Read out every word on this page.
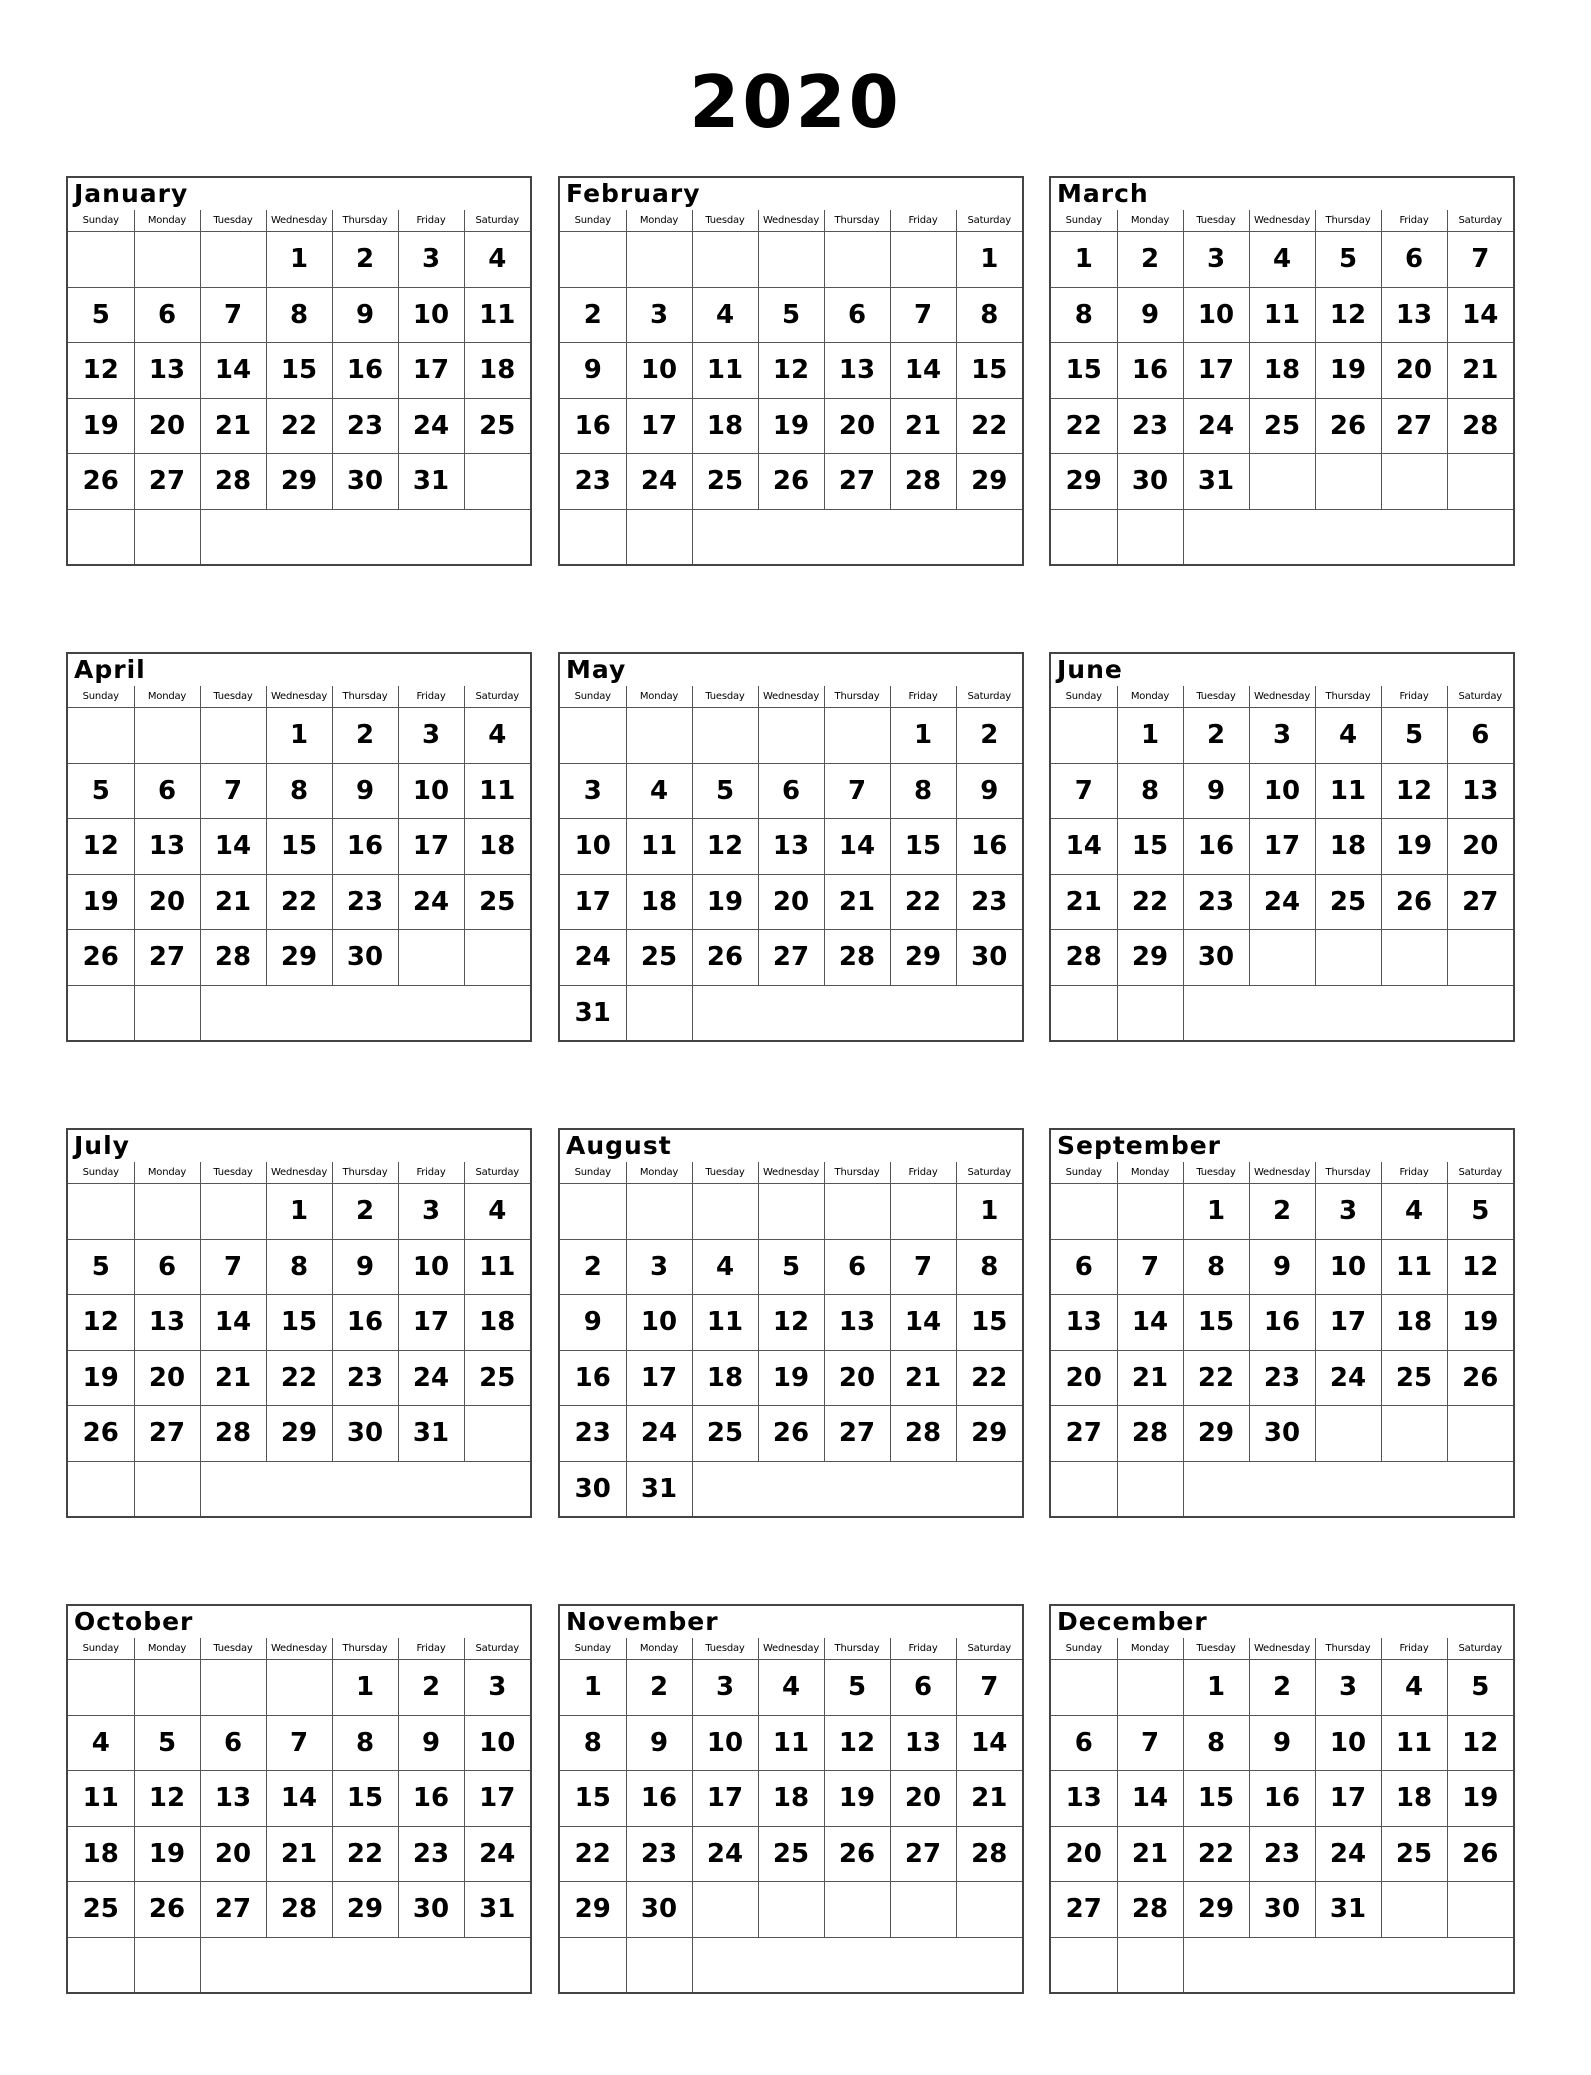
2020
January
Sunday	Monday	Tuesday	Wednesday	Thursday	Friday	Saturday
			1	2	3	4
5	6	7	8	9	10	11
12	13	14	15	16	17	18
19	20	21	22	23	24	25
26	27	28	29	30	31	

February
Sunday	Monday	Tuesday	Wednesday	Thursday	Friday	Saturday
						1
2	3	4	5	6	7	8
9	10	11	12	13	14	15
16	17	18	19	20	21	22
23	24	25	26	27	28	29

March
Sunday	Monday	Tuesday	Wednesday	Thursday	Friday	Saturday
1	2	3	4	5	6	7
8	9	10	11	12	13	14
15	16	17	18	19	20	21
22	23	24	25	26	27	28
29	30	31				

April
Sunday	Monday	Tuesday	Wednesday	Thursday	Friday	Saturday
			1	2	3	4
5	6	7	8	9	10	11
12	13	14	15	16	17	18
19	20	21	22	23	24	25
26	27	28	29	30		

May
Sunday	Monday	Tuesday	Wednesday	Thursday	Friday	Saturday
					1	2
3	4	5	6	7	8	9
10	11	12	13	14	15	16
17	18	19	20	21	22	23
24	25	26	27	28	29	30
31						
June
Sunday	Monday	Tuesday	Wednesday	Thursday	Friday	Saturday
	1	2	3	4	5	6
7	8	9	10	11	12	13
14	15	16	17	18	19	20
21	22	23	24	25	26	27
28	29	30				

July
Sunday	Monday	Tuesday	Wednesday	Thursday	Friday	Saturday
			1	2	3	4
5	6	7	8	9	10	11
12	13	14	15	16	17	18
19	20	21	22	23	24	25
26	27	28	29	30	31	

August
Sunday	Monday	Tuesday	Wednesday	Thursday	Friday	Saturday
						1
2	3	4	5	6	7	8
9	10	11	12	13	14	15
16	17	18	19	20	21	22
23	24	25	26	27	28	29
30	31					
September
Sunday	Monday	Tuesday	Wednesday	Thursday	Friday	Saturday
		1	2	3	4	5
6	7	8	9	10	11	12
13	14	15	16	17	18	19
20	21	22	23	24	25	26
27	28	29	30			

October
Sunday	Monday	Tuesday	Wednesday	Thursday	Friday	Saturday
				1	2	3
4	5	6	7	8	9	10
11	12	13	14	15	16	17
18	19	20	21	22	23	24
25	26	27	28	29	30	31

November
Sunday	Monday	Tuesday	Wednesday	Thursday	Friday	Saturday
1	2	3	4	5	6	7
8	9	10	11	12	13	14
15	16	17	18	19	20	21
22	23	24	25	26	27	28
29	30					

December
Sunday	Monday	Tuesday	Wednesday	Thursday	Friday	Saturday
		1	2	3	4	5
6	7	8	9	10	11	12
13	14	15	16	17	18	19
20	21	22	23	24	25	26
27	28	29	30	31		
